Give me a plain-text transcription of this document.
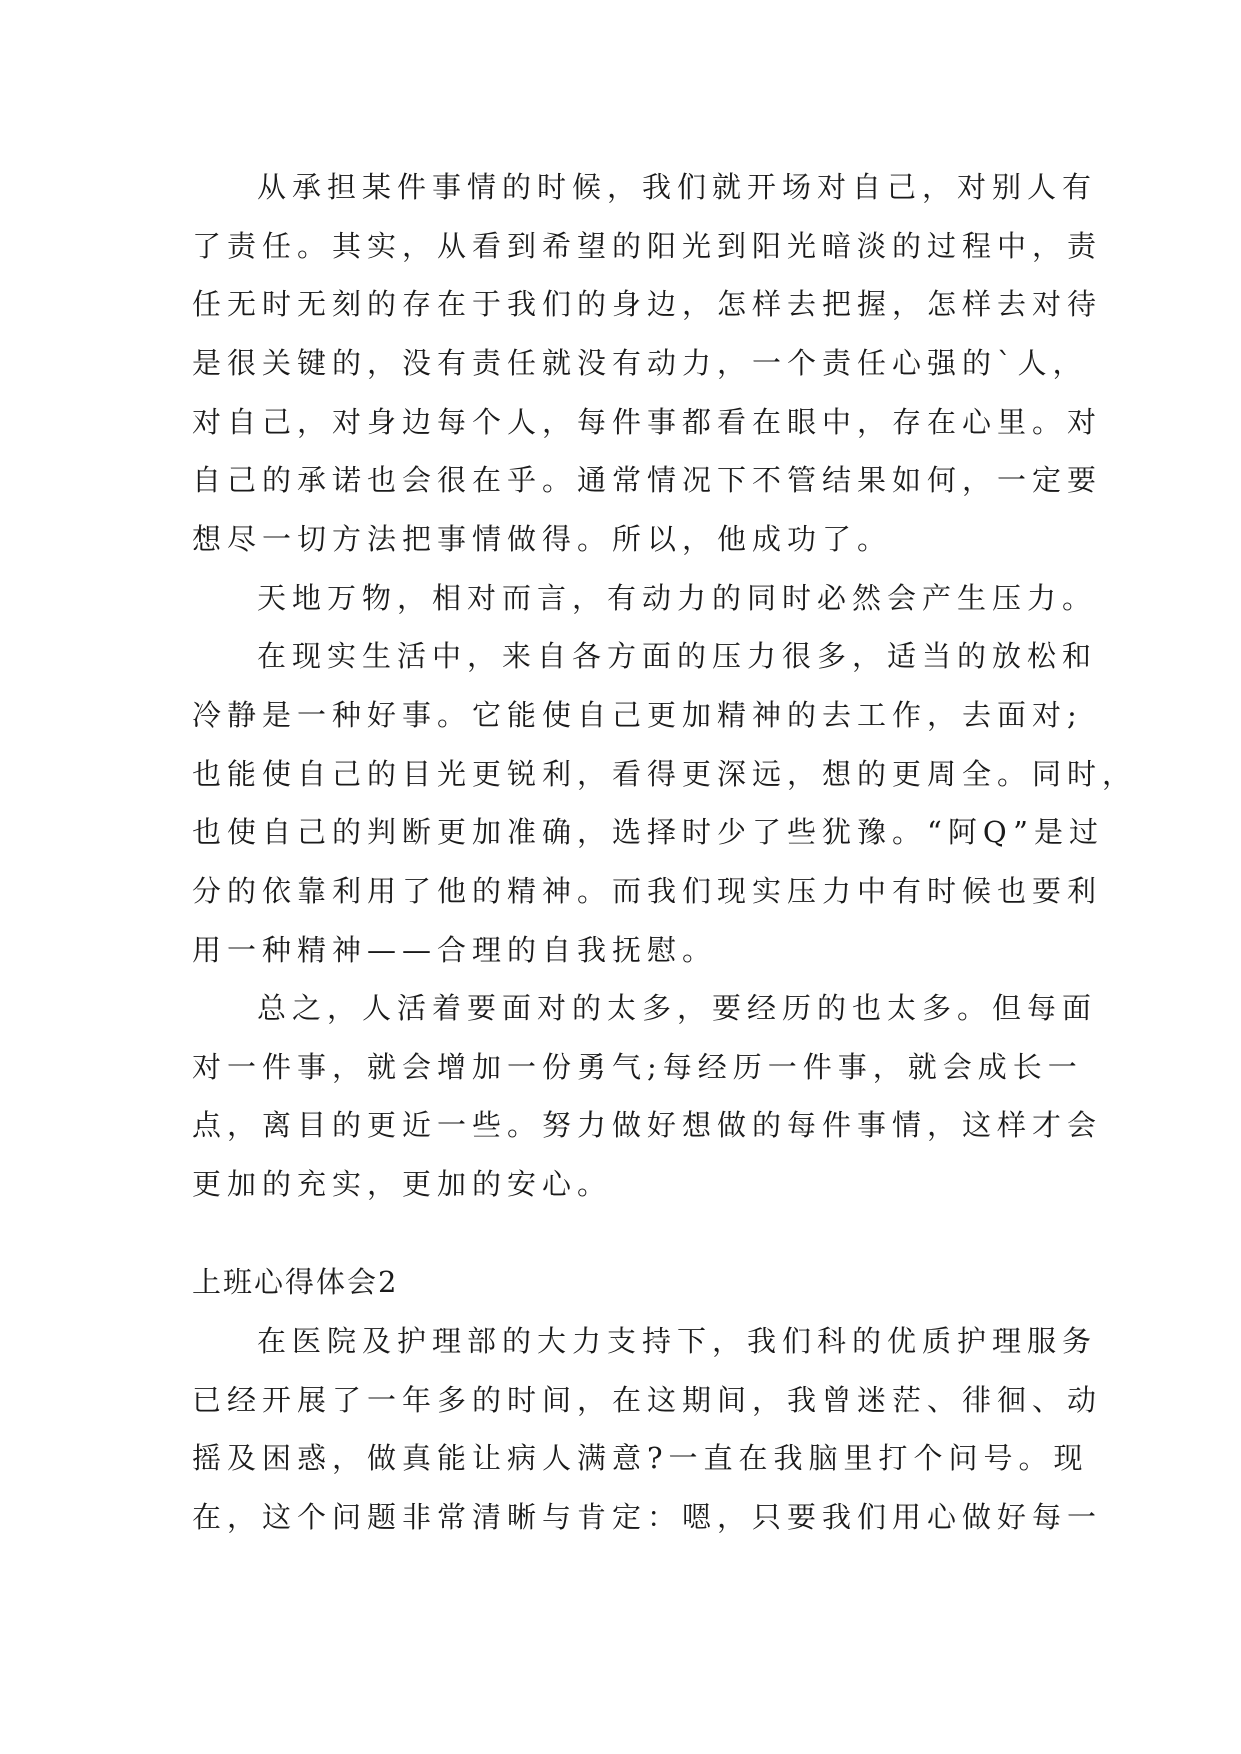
从承担某件事情的时候，我们就开场对自己，对别人有
了责任。其实，从看到希望的阳光到阳光暗淡的过程中，责
任无时无刻的存在于我们的身边，怎样去把握，怎样去对待
是很关键的，没有责任就没有动力，一个责任心强的`人，
对自己，对身边每个人，每件事都看在眼中，存在心里。对
自己的承诺也会很在乎。通常情况下不管结果如何，一定要
想尽一切方法把事情做得。所以，他成功了。
天地万物，相对而言，有动力的同时必然会产生压力。
在现实生活中，来自各方面的压力很多，适当的放松和
冷静是一种好事。它能使自己更加精神的去工作，去面对;
也能使自己的目光更锐利，看得更深远，想的更周全。同时，
也使自己的判断更加准确，选择时少了些犹豫。“阿Q”是过
分的依靠利用了他的精神。而我们现实压力中有时候也要利
用一种精神——合理的自我抚慰。
总之，人活着要面对的太多，要经历的也太多。但每面
对一件事，就会增加一份勇气;每经历一件事，就会成长一
点，离目的更近一些。努力做好想做的每件事情，这样才会
更加的充实，更加的安心。
上班心得体会2
在医院及护理部的大力支持下，我们科的优质护理服务
已经开展了一年多的时间，在这期间，我曾迷茫、徘徊、动
摇及困惑，做真能让病人满意?一直在我脑里打个问号。现
在，这个问题非常清晰与肯定：嗯，只要我们用心做好每一
